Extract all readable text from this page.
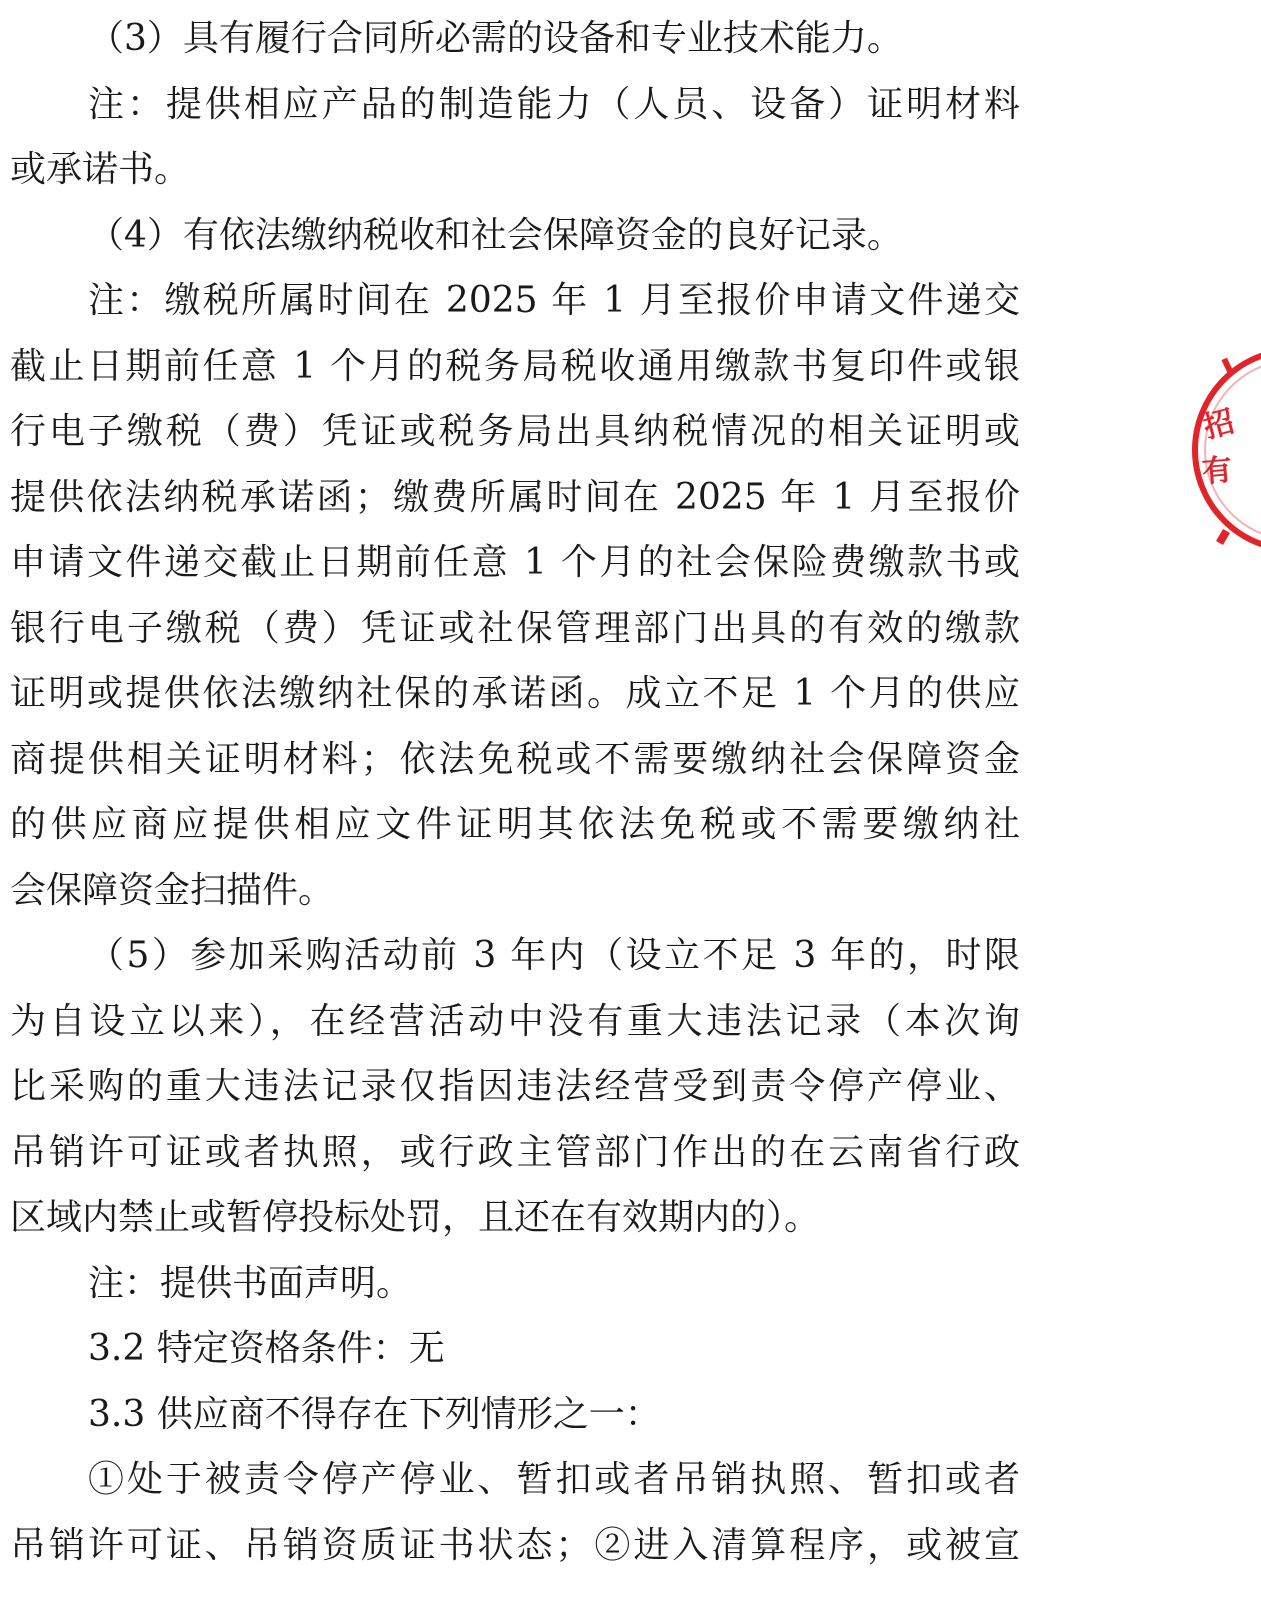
（3）具有履行合同所必需的设备和专业技术能力。
注：提供相应产品的制造能力（人员、设备）证明材料
或承诺书。
（4）有依法缴纳税收和社会保障资金的良好记录。
注：缴税所属时间在 2025 年 1 月至报价申请文件递交
截止日期前任意 1 个月的税务局税收通用缴款书复印件或银
行电子缴税（费）凭证或税务局出具纳税情况的相关证明或
提供依法纳税承诺函；缴费所属时间在 2025 年 1 月至报价
申请文件递交截止日期前任意 1 个月的社会保险费缴款书或
银行电子缴税（费）凭证或社保管理部门出具的有效的缴款
证明或提供依法缴纳社保的承诺函。成立不足 1 个月的供应
商提供相关证明材料；依法免税或不需要缴纳社会保障资金
的供应商应提供相应文件证明其依法免税或不需要缴纳社
会保障资金扫描件。
（5）参加采购活动前 3 年内（设立不足 3 年的，时限
为自设立以来），在经营活动中没有重大违法记录（本次询
比采购的重大违法记录仅指因违法经营受到责令停产停业、
吊销许可证或者执照，或行政主管部门作出的在云南省行政
区域内禁止或暂停投标处罚，且还在有效期内的）。
注：提供书面声明。
3.2 特定资格条件：无
3.3 供应商不得存在下列情形之一：
①处于被责令停产停业、暂扣或者吊销执照、暂扣或者
吊销许可证、吊销资质证书状态；②进入清算程序，或被宣
招
有
